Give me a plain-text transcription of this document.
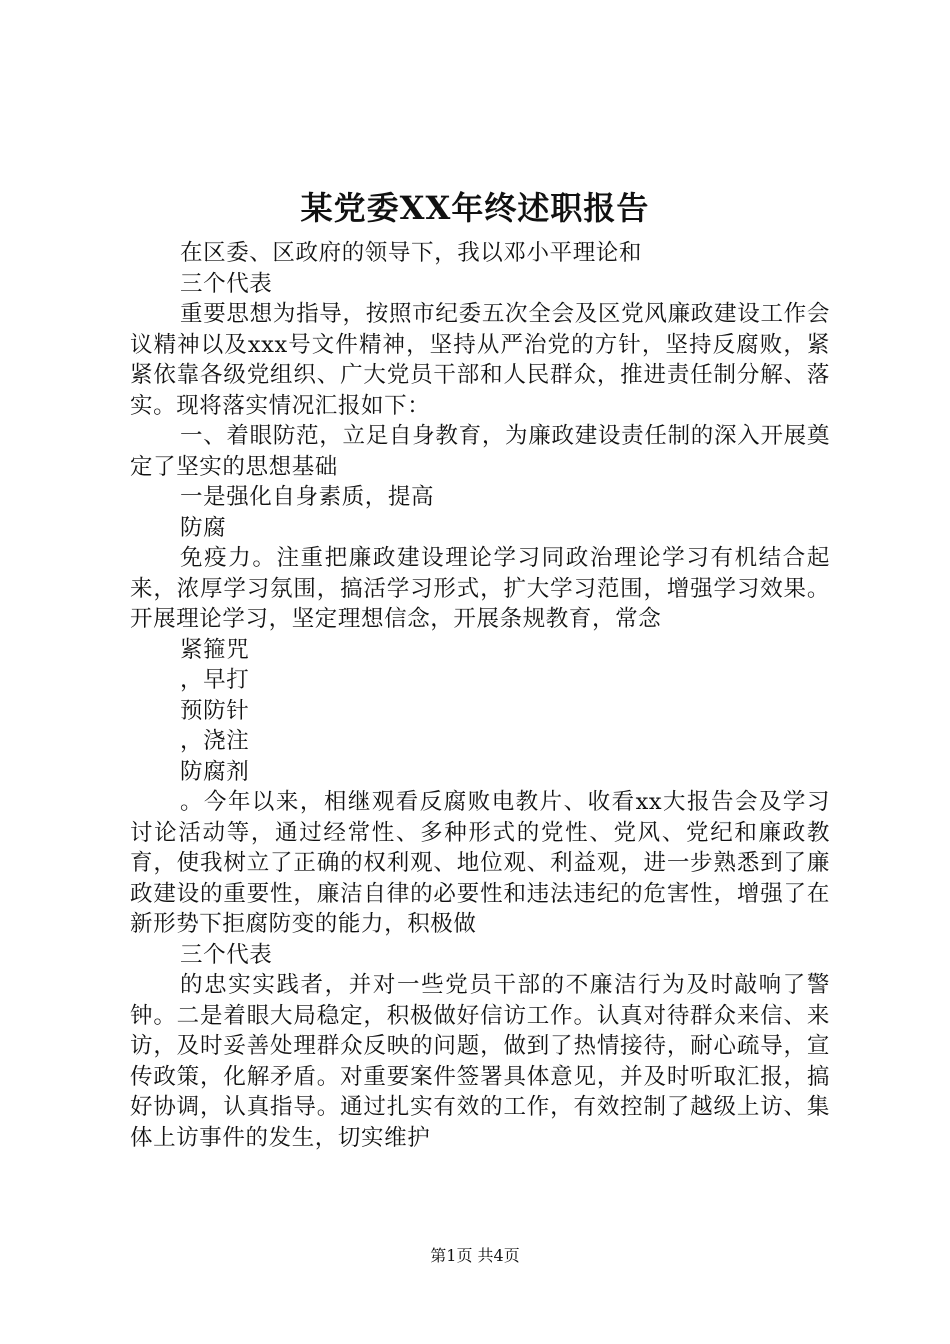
某党委XX年终述职报告

在区委、区政府的领导下，我以邓小平理论和

三个代表

重要思想为指导，按照市纪委五次全会及区党风廉政建设工作会议精神以及xxx号文件精神，坚持从严治党的方针，坚持反腐败，紧紧依靠各级党组织、广大党员干部和人民群众，推进责任制分解、落实。现将落实情况汇报如下：

一、着眼防范，立足自身教育，为廉政建设责任制的深入开展奠定了坚实的思想基础

一是强化自身素质，提高

防腐

免疫力。注重把廉政建设理论学习同政治理论学习有机结合起来，浓厚学习氛围，搞活学习形式，扩大学习范围，增强学习效果。开展理论学习，坚定理想信念，开展条规教育，常念

紧箍咒

，早打

预防针

，浇注

防腐剂

。今年以来，相继观看反腐败电教片、收看xx大报告会及学习讨论活动等，通过经常性、多种形式的党性、党风、党纪和廉政教育，使我树立了正确的权利观、地位观、利益观，进一步熟悉到了廉政建设的重要性，廉洁自律的必要性和违法违纪的危害性，增强了在新形势下拒腐防变的能力，积极做

三个代表

的忠实实践者，并对一些党员干部的不廉洁行为及时敲响了警钟。二是着眼大局稳定，积极做好信访工作。认真对待群众来信、来访，及时妥善处理群众反映的问题，做到了热情接待，耐心疏导，宣传政策，化解矛盾。对重要案件签署具体意见，并及时听取汇报，搞好协调，认真指导。通过扎实有效的工作，有效控制了越级上访、集体上访事件的发生，切实维护

第1页 共4页
